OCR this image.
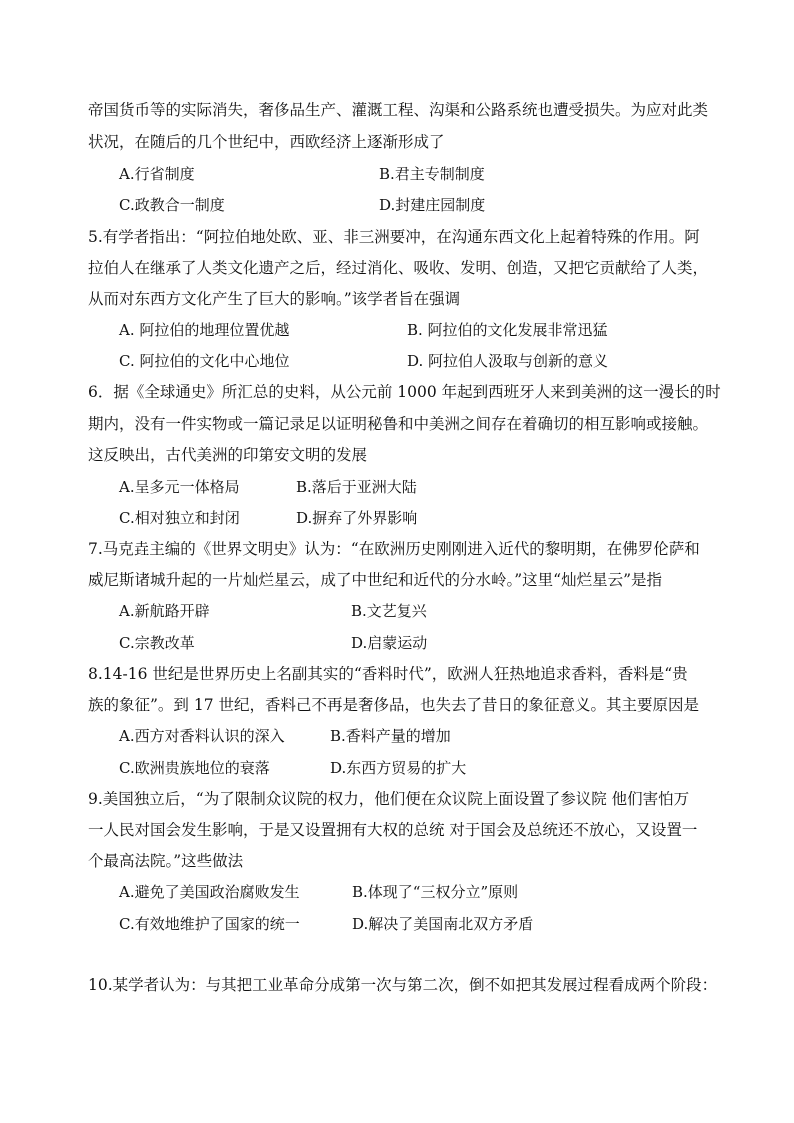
帝国货币等的实际消失，奢侈品生产、灌溉工程、沟渠和公路系统也遭受损失。为应对此类
状况，在随后的几个世纪中，西欧经济上逐渐形成了
A.行省制度	B.君主专制制度
C.政教合一制度	D.封建庄园制度
5.有学者指出：“阿拉伯地处欧、亚、非三洲要冲，在沟通东西文化上起着特殊的作用。阿
拉伯人在继承了人类文化遗产之后，经过消化、吸收、发明、创造，又把它贡献给了人类，
从而对东西方文化产生了巨大的影响。”该学者旨在强调
A. 阿拉伯的地理位置优越	B. 阿拉伯的文化发展非常迅猛
C. 阿拉伯的文化中心地位	D. 阿拉伯人汲取与创新的意义
6．据《全球通史》所汇总的史料，从公元前 1000 年起到西班牙人来到美洲的这一漫长的时
期内，没有一件实物或一篇记录足以证明秘鲁和中美洲之间存在着确切的相互影响或接触。
这反映出，古代美洲的印第安文明的发展
A.呈多元一体格局	B.落后于亚洲大陆
C.相对独立和封闭	D.摒弃了外界影响
7.马克垚主编的《世界文明史》认为：“在欧洲历史刚刚进入近代的黎明期，在佛罗伦萨和
威尼斯诸城升起的一片灿烂星云，成了中世纪和近代的分水岭。”这里“灿烂星云”是指
A.新航路开辟	B.文艺复兴
C.宗教改革	D.启蒙运动
8.14-16 世纪是世界历史上名副其实的“香料时代”，欧洲人狂热地追求香料，香料是“贵
族的象征”。到 17 世纪，香料己不再是奢侈品，也失去了昔日的象征意义。其主要原因是
A.西方对香料认识的深入	B.香料产量的增加
C.欧洲贵族地位的衰落	D.东西方贸易的扩大
9.美国独立后，“为了限制众议院的权力，他们便在众议院上面设置了参议院 他们害怕万
一人民对国会发生影响，于是又设置拥有大权的总统 对于国会及总统还不放心，又设置一
个最高法院。”这些做法
A.避免了美国政治腐败发生	B.体现了“三权分立”原则
C.有效地维护了国家的统一	D.解决了美国南北双方矛盾
10.某学者认为：与其把工业革命分成第一次与第二次，倒不如把其发展过程看成两个阶段：
